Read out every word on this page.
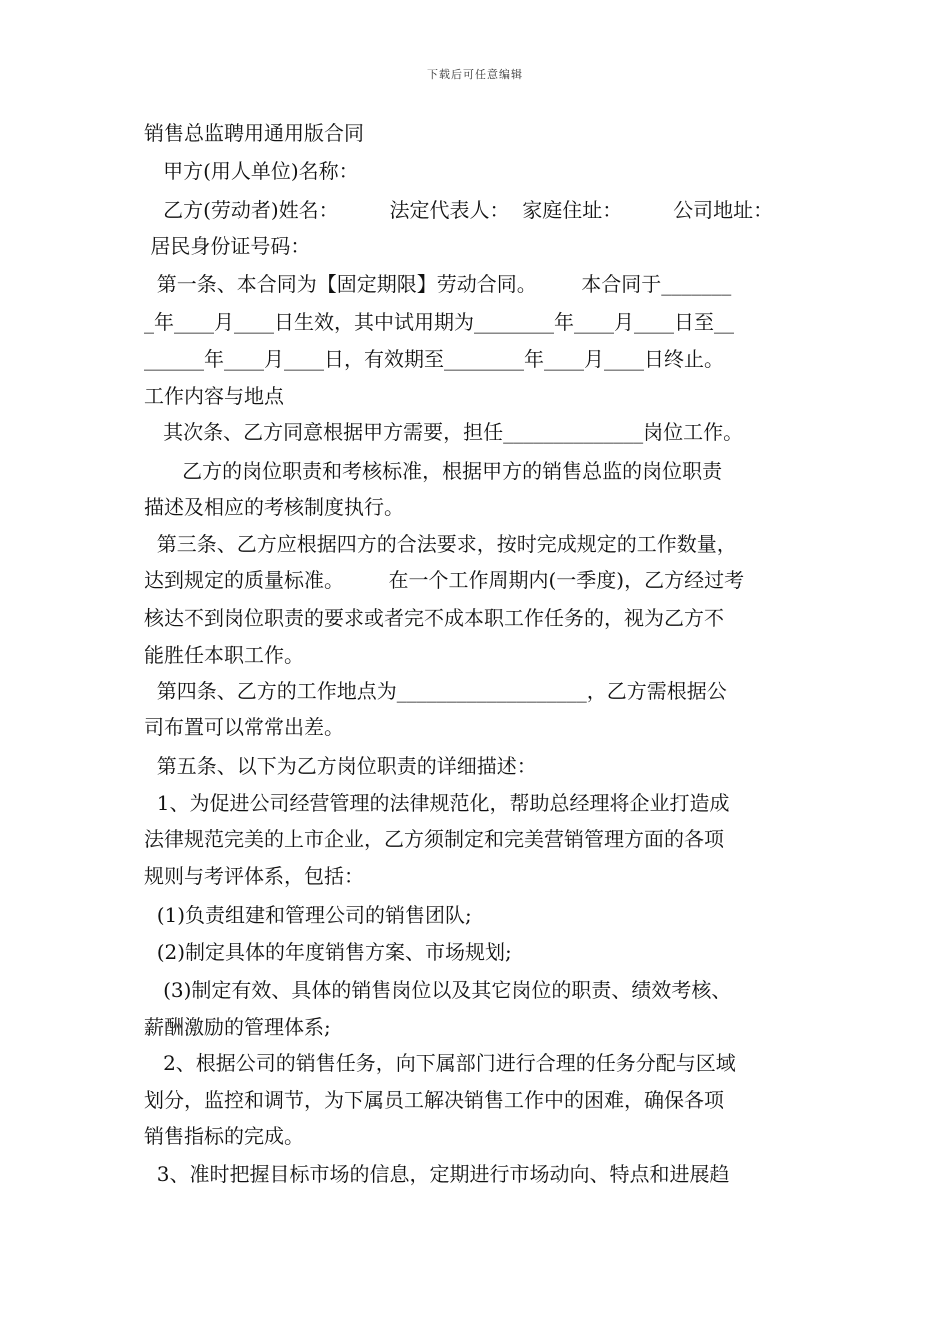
下载后可任意编辑
销售总监聘用通用版合同
甲方(用人单位)名称：
乙方(劳动者)姓名：        法定代表人：  家庭住址：        公司地址：
居民身份证号码：
第一条、本合同为【固定期限】劳动合同。       本合同于_______
_年____月____日生效，其中试用期为________年____月____日至__
______年____月____日，有效期至________年____月____日终止。
工作内容与地点
其次条、乙方同意根据甲方需要，担任______________岗位工作。
乙方的岗位职责和考核标准，根据甲方的销售总监的岗位职责
描述及相应的考核制度执行。
第三条、乙方应根据四方的合法要求，按时完成规定的工作数量，
达到规定的质量标准。       在一个工作周期内(一季度)，乙方经过考
核达不到岗位职责的要求或者完不成本职工作任务的，视为乙方不
能胜任本职工作。
第四条、乙方的工作地点为___________________，乙方需根据公
司布置可以常常出差。
第五条、以下为乙方岗位职责的详细描述：
1、为促进公司经营管理的法律规范化，帮助总经理将企业打造成
法律规范完美的上市企业，乙方须制定和完美营销管理方面的各项
规则与考评体系，包括：
(1)负责组建和管理公司的销售团队;
(2)制定具体的年度销售方案、市场规划;
(3)制定有效、具体的销售岗位以及其它岗位的职责、绩效考核、
薪酬激励的管理体系;
2、根据公司的销售任务，向下属部门进行合理的任务分配与区域
划分，监控和调节，为下属员工解决销售工作中的困难，确保各项
销售指标的完成。
3、准时把握目标市场的信息，定期进行市场动向、特点和进展趋
